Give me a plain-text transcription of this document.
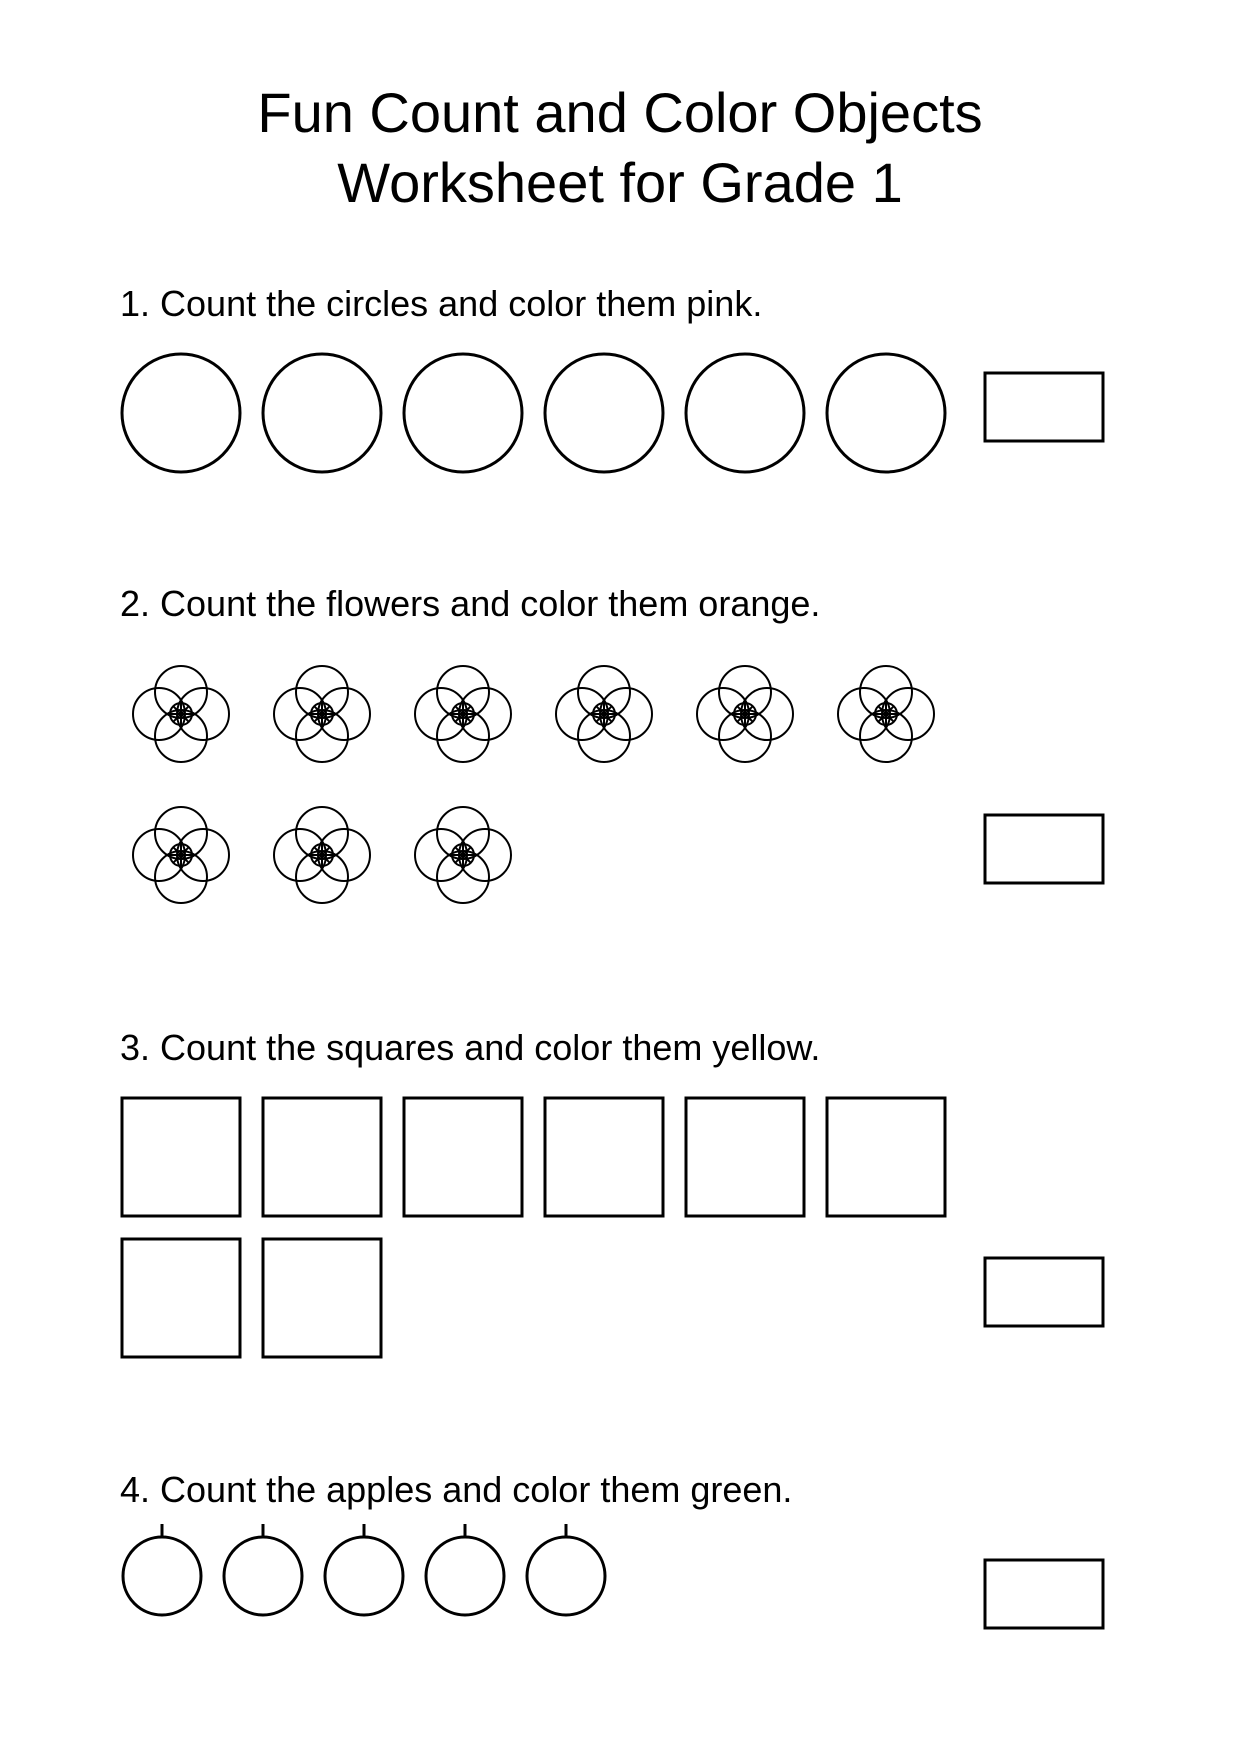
Fun Count and Color Objects
Worksheet for Grade 1

1. Count the circles and color them pink.

2. Count the flowers and color them orange.

3. Count the squares and color them yellow.

4. Count the apples and color them green.
